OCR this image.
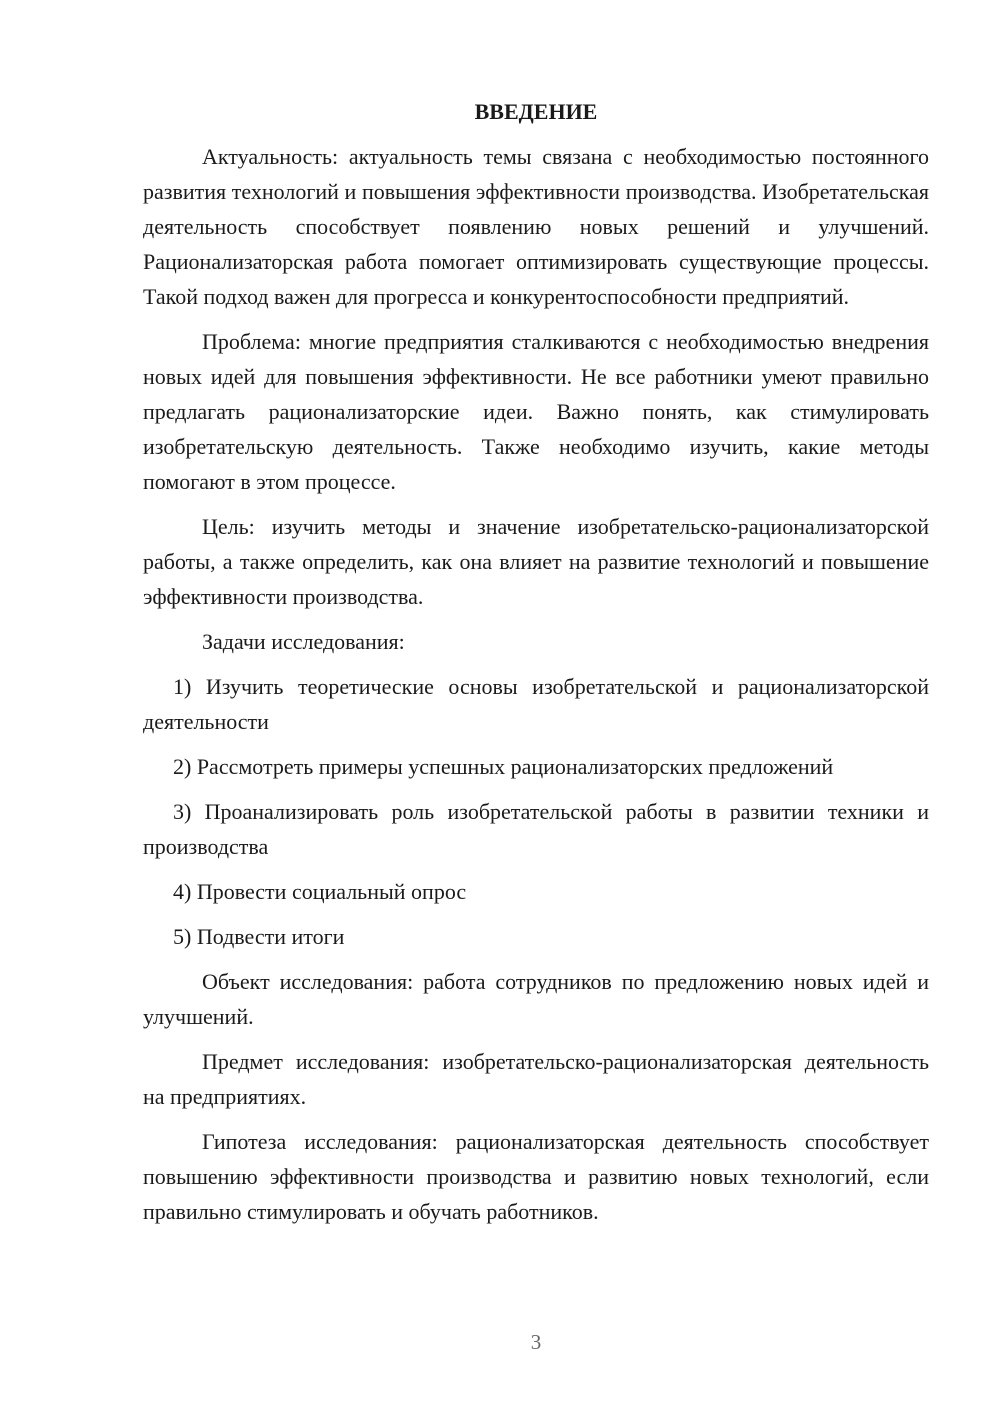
ВВЕДЕНИЕ

Актуальность: актуальность темы связана с необходимостью постоянного развития технологий и повышения эффективности производства. Изобретательская деятельность способствует появлению новых решений и улучшений. Рационализаторская работа помогает оптимизировать существующие процессы. Такой подход важен для прогресса и конкурентоспособности предприятий.

Проблема: многие предприятия сталкиваются с необходимостью внедрения новых идей для повышения эффективности. Не все работники умеют правильно предлагать рационализаторские идеи. Важно понять, как стимулировать изобретательскую деятельность. Также необходимо изучить, какие методы помогают в этом процессе.

Цель: изучить методы и значение изобретательско-рационализаторской работы, а также определить, как она влияет на развитие технологий и повышение эффективности производства.

Задачи исследования:

1) Изучить теоретические основы изобретательской и рационализаторской деятельности

2) Рассмотреть примеры успешных рационализаторских предложений

3) Проанализировать роль изобретательской работы в развитии техники и производства

4) Провести социальный опрос

5) Подвести итоги

Объект исследования: работа сотрудников по предложению новых идей и улучшений.

Предмет исследования: изобретательско-рационализаторская деятельность на предприятиях.

Гипотеза исследования: рационализаторская деятельность способствует повышению эффективности производства и развитию новых технологий, если правильно стимулировать и обучать работников.

3
